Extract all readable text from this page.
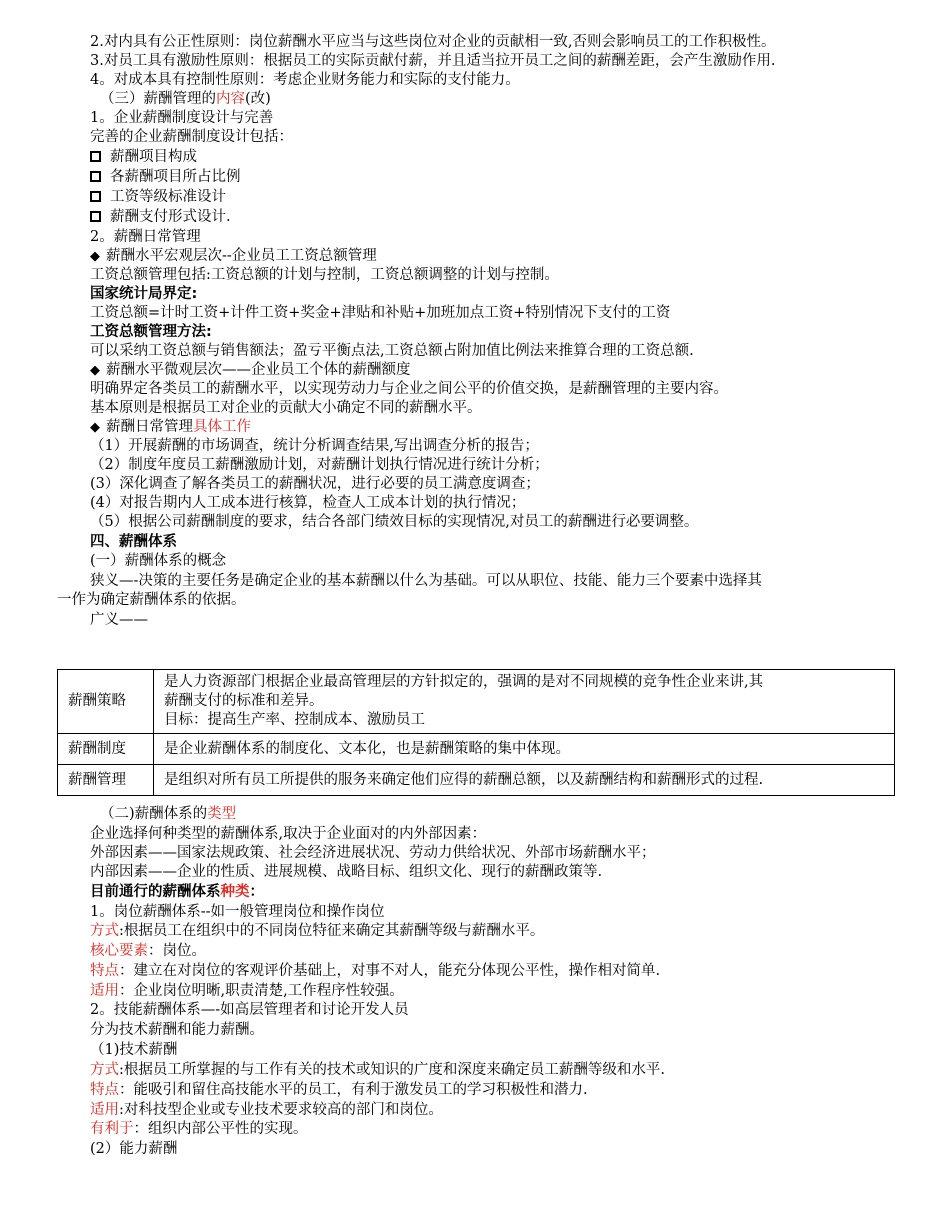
2.对内具有公正性原则：岗位薪酬水平应当与这些岗位对企业的贡献相一致,否则会影响员工的工作积极性。
3.对员工具有激励性原则：根据员工的实际贡献付薪，并且适当拉开员工之间的薪酬差距，会产生激励作用.
4。对成本具有控制性原则：考虑企业财务能力和实际的支付能力。
（三）薪酬管理的内容(改)
1。企业薪酬制度设计与完善
完善的企业薪酬制度设计包括：
薪酬项目构成
各薪酬项目所占比例
工资等级标准设计
薪酬支付形式设计.
2。薪酬日常管理
◆ 薪酬水平宏观层次--企业员工工资总额管理
工资总额管理包括:工资总额的计划与控制，工资总额调整的计划与控制。
国家统计局界定:
工资总额=计时工资+计件工资+奖金+津贴和补贴+加班加点工资+特别情况下支付的工资
工资总额管理方法:
可以采纳工资总额与销售额法；盈亏平衡点法,工资总额占附加值比例法来推算合理的工资总额.
◆ 薪酬水平微观层次——企业员工个体的薪酬额度
明确界定各类员工的薪酬水平，以实现劳动力与企业之间公平的价值交换，是薪酬管理的主要内容。
基本原则是根据员工对企业的贡献大小确定不同的薪酬水平。
◆ 薪酬日常管理具体工作
（1）开展薪酬的市场调查，统计分析调查结果,写出调查分析的报告；
（2）制度年度员工薪酬激励计划，对薪酬计划执行情况进行统计分析；
(3）深化调查了解各类员工的薪酬状况，进行必要的员工满意度调查；
(4）对报告期内人工成本进行核算，检查人工成本计划的执行情况；
（5）根据公司薪酬制度的要求，结合各部门绩效目标的实现情况,对员工的薪酬进行必要调整。
四、薪酬体系
(一）薪酬体系的概念
狭义—-决策的主要任务是确定企业的基本薪酬以什么为基础。可以从职位、技能、能力三个要素中选择其
一作为确定薪酬体系的依据。
广义——
薪酬策略	是人力资源部门根据企业最高管理层的方针拟定的，强调的是对不同规模的竞争性企业来讲,其
薪酬支付的标准和差异。
目标：提高生产率、控制成本、激励员工

薪酬制度	是企业薪酬体系的制度化、文本化，也是薪酬策略的集中体现。
薪酬管理	是组织对所有员工所提供的服务来确定他们应得的薪酬总额，以及薪酬结构和薪酬形式的过程.
（二)薪酬体系的类型
企业选择何种类型的薪酬体系,取决于企业面对的内外部因素：
外部因素——国家法规政策、社会经济进展状况、劳动力供给状况、外部市场薪酬水平；
内部因素——企业的性质、进展规模、战略目标、组织文化、现行的薪酬政策等.
目前通行的薪酬体系种类：
1。岗位薪酬体系--如一般管理岗位和操作岗位
方式:根据员工在组织中的不同岗位特征来确定其薪酬等级与薪酬水平。
核心要素：岗位。
特点：建立在对岗位的客观评价基础上，对事不对人，能充分体现公平性，操作相对简单.
适用：企业岗位明晰,职责清楚,工作程序性较强。
2。技能薪酬体系—-如高层管理者和讨论开发人员
分为技术薪酬和能力薪酬。
（1)技术薪酬
方式:根据员工所掌握的与工作有关的技术或知识的广度和深度来确定员工薪酬等级和水平.
特点：能吸引和留住高技能水平的员工，有利于激发员工的学习积极性和潜力.
适用:对科技型企业或专业技术要求较高的部门和岗位。
有利于：组织内部公平性的实现。
(2）能力薪酬
